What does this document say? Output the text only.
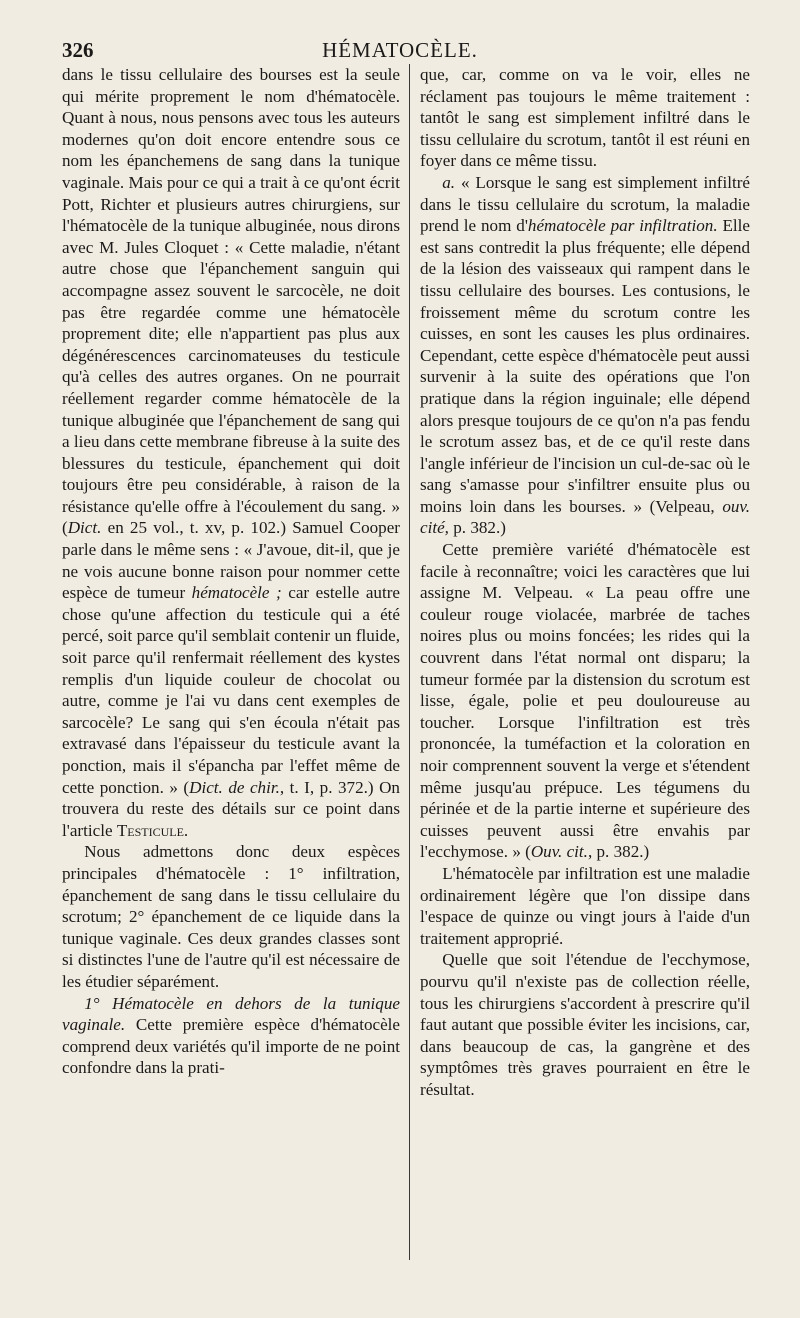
326	HÉMATOCÈLE.

dans le tissu cellulaire des bourses est la seule qui mérite proprement le nom d'hématocèle. Quant à nous, nous pensons avec tous les auteurs modernes qu'on doit encore entendre sous ce nom les épanchemens de sang dans la tunique vaginale. Mais pour ce qui a trait à ce qu'ont écrit Pott, Richter et plusieurs autres chirurgiens, sur l'hématocèle de la tunique albuginée, nous dirons avec M. Jules Cloquet : « Cette maladie, n'étant autre chose que l'épanchement sanguin qui accompagne assez souvent le sarcocèle, ne doit pas être regardée comme une hématocèle proprement dite; elle n'appartient pas plus aux dégénérescences carcinomateuses du testicule qu'à celles des autres organes. On ne pourrait réellement regarder comme hématocèle de la tunique albuginée que l'épanchement de sang qui a lieu dans cette membrane fibreuse à la suite des blessures du testicule, épanchement qui doit toujours être peu considérable, à raison de la résistance qu'elle offre à l'écoulement du sang. » (Dict. en 25 vol., t. xv, p. 102.) Samuel Cooper parle dans le même sens : « J'avoue, dit-il, que je ne vois aucune bonne raison pour nommer cette espèce de tumeur hématocèle ; car estelle autre chose qu'une affection du testicule qui a été percé, soit parce qu'il semblait contenir un fluide, soit parce qu'il renfermait réellement des kystes remplis d'un liquide couleur de chocolat ou autre, comme je l'ai vu dans cent exemples de sarcocèle? Le sang qui s'en écoula n'était pas extravasé dans l'épaisseur du testicule avant la ponction, mais il s'épancha par l'effet même de cette ponction. » (Dict. de chir., t. I, p. 372.) On trouvera du reste des détails sur ce point dans l'article Testicule.

Nous admettons donc deux espèces principales d'hématocèle : 1° infiltration, épanchement de sang dans le tissu cellulaire du scrotum; 2° épanchement de ce liquide dans la tunique vaginale. Ces deux grandes classes sont si distinctes l'une de l'autre qu'il est nécessaire de les étudier séparément.

1° Hématocèle en dehors de la tunique vaginale. Cette première espèce d'hématocèle comprend deux variétés qu'il importe de ne point confondre dans la prati-

que, car, comme on va le voir, elles ne réclament pas toujours le même traitement : tantôt le sang est simplement infiltré dans le tissu cellulaire du scrotum, tantôt il est réuni en foyer dans ce même tissu.

a. « Lorsque le sang est simplement infiltré dans le tissu cellulaire du scrotum, la maladie prend le nom d'hématocèle par infiltration. Elle est sans contredit la plus fréquente; elle dépend de la lésion des vaisseaux qui rampent dans le tissu cellulaire des bourses. Les contusions, le froissement même du scrotum contre les cuisses, en sont les causes les plus ordinaires. Cependant, cette espèce d'hématocèle peut aussi survenir à la suite des opérations que l'on pratique dans la région inguinale; elle dépend alors presque toujours de ce qu'on n'a pas fendu le scrotum assez bas, et de ce qu'il reste dans l'angle inférieur de l'incision un cul-de-sac où le sang s'amasse pour s'infiltrer ensuite plus ou moins loin dans les bourses. » (Velpeau, ouv. cité, p. 382.)

Cette première variété d'hématocèle est facile à reconnaître; voici les caractères que lui assigne M. Velpeau. « La peau offre une couleur rouge violacée, marbrée de taches noires plus ou moins foncées; les rides qui la couvrent dans l'état normal ont disparu; la tumeur formée par la distension du scrotum est lisse, égale, polie et peu douloureuse au toucher. Lorsque l'infiltration est très prononcée, la tuméfaction et la coloration en noir comprennent souvent la verge et s'étendent même jusqu'au prépuce. Les tégumens du périnée et de la partie interne et supérieure des cuisses peuvent aussi être envahis par l'ecchymose. » (Ouv. cit., p. 382.)

L'hématocèle par infiltration est une maladie ordinairement légère que l'on dissipe dans l'espace de quinze ou vingt jours à l'aide d'un traitement approprié.

Quelle que soit l'étendue de l'ecchymose, pourvu qu'il n'existe pas de collection réelle, tous les chirurgiens s'accordent à prescrire qu'il faut autant que possible éviter les incisions, car, dans beaucoup de cas, la gangrène et des symptômes très graves pourraient en être le résultat.
